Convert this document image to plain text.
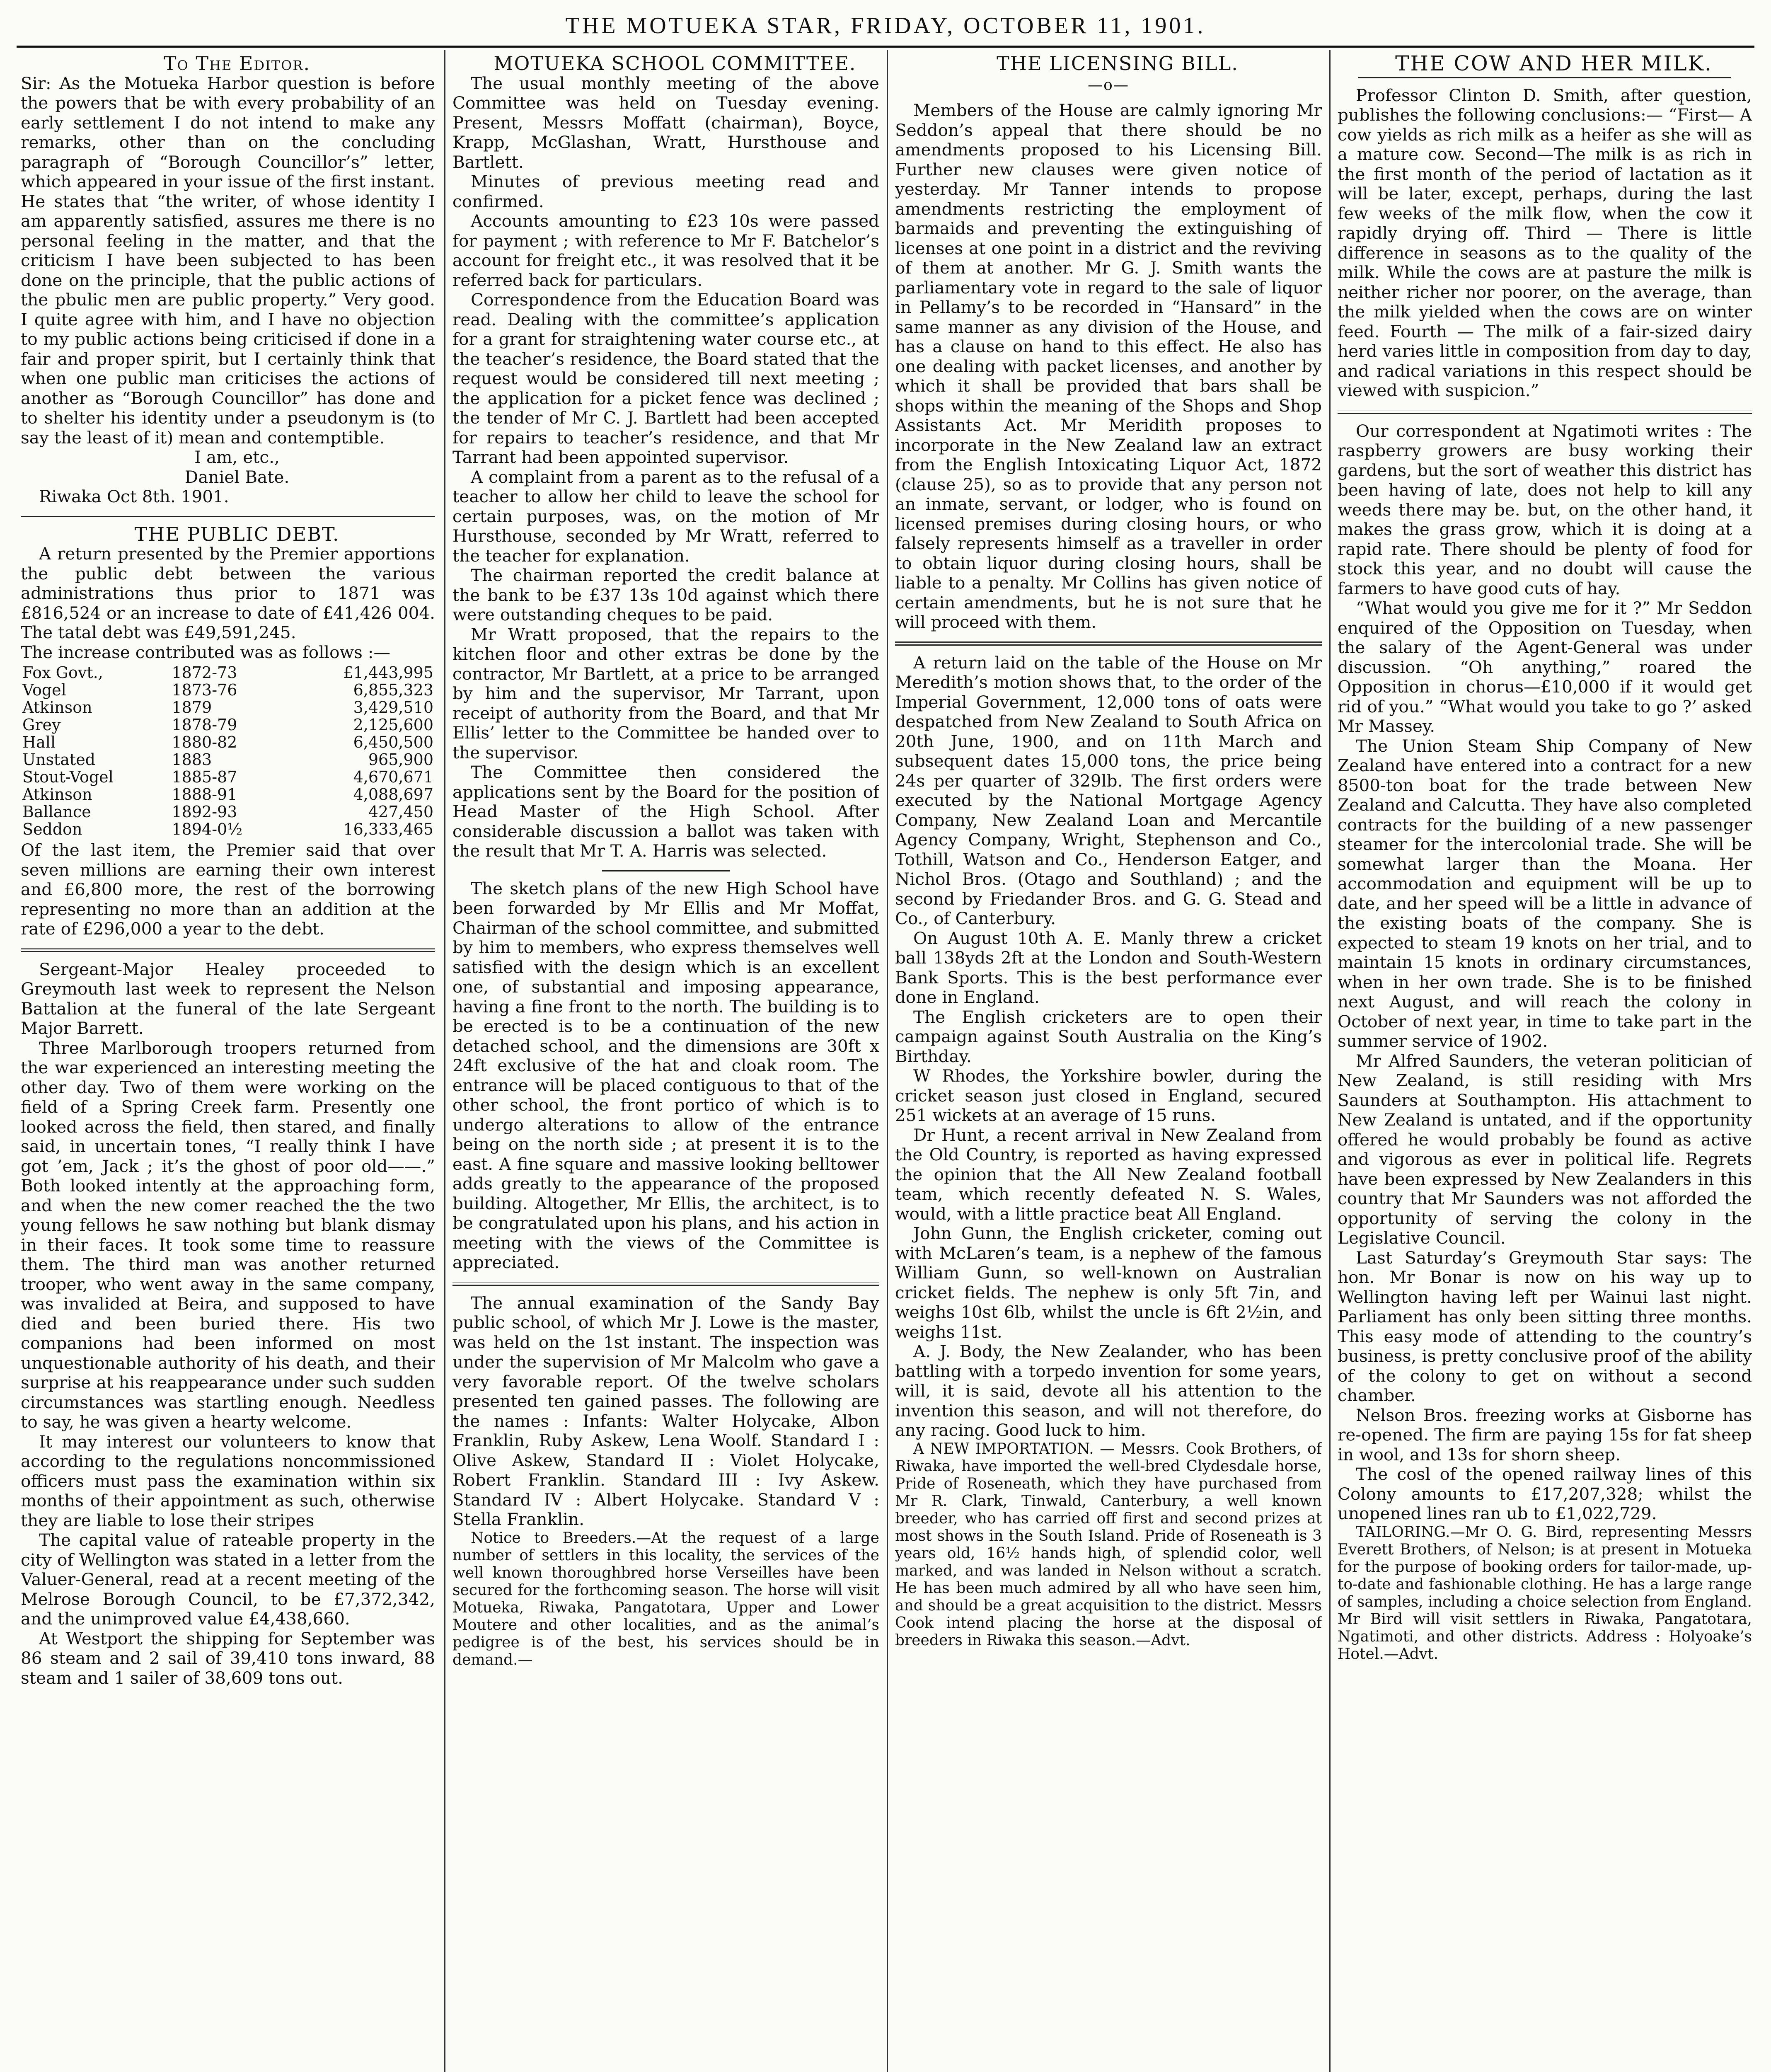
THE MOTUEKA STAR, FRIDAY, OCTOBER 11, 1901.

To The Editor.

Sir: As the Motueka Harbor question is before the powers that be with every probability of an early settlement I do not intend to make any remarks, other than on the concluding paragraph of “Borough Councillor’s” letter, which appeared in your issue of the first instant. He states that “the writer, of whose identity I am apparently satisfied, assures me there is no personal feeling in the matter, and that the criticism I have been subjected to has been done on the principle, that the public actions of the pbulic men are public property.” Very good. I quite agree with him, and I have no objection to my public actions being criticised if done in a fair and proper spirit, but I certainly think that when one public man criticises the actions of another as “Borough Councillor” has done and to shelter his identity under a pseudonym is (to say the least of it) mean and contemptible.

I am, etc.,

Daniel Bate.

Riwaka Oct 8th. 1901.

THE PUBLIC DEBT.

A return presented by the Premier apportions the public debt between the various administrations thus prior to 1871 was £816,524 or an increase to date of £41,426 004. The tatal debt was £49,591,245.

The increase contributed was as follows :—

Fox Govt.,	1872-73	£1,443,995
Vogel	1873-76	6,855,323
Atkinson	1879	3,429,510
Grey	1878-79	2,125,600
Hall	1880-82	6,450,500
Unstated	1883	965,900
Stout-Vogel	1885-87	4,670,671
Atkinson	1888-91	4,088,697
Ballance	1892-93	427,450
Seddon	1894-0½	16,333,465

Of the last item, the Premier said that over seven millions are earning their own interest and £6,800 more, the rest of the borrowing representing no more than an addition at the rate of £296,000 a year to the debt.

Sergeant-Major Healey proceeded to Greymouth last week to represent the Nelson Battalion at the funeral of the late Sergeant Major Barrett.

Three Marlborough troopers returned from the war experienced an interesting meeting the other day. Two of them were working on the field of a Spring Creek farm. Presently one looked across the field, then stared, and finally said, in uncertain tones, “I really think I have got ’em, Jack ; it’s the ghost of poor old——.” Both looked intently at the approaching form, and when the new comer reached the the two young fellows he saw nothing but blank dismay in their faces. It took some time to reassure them. The third man was another returned trooper, who went away in the same company, was invalided at Beira, and supposed to have died and been buried there. His two companions had been informed on most unquestionable authority of his death, and their surprise at his reappearance under such sudden circumstances was startling enough. Needless to say, he was given a hearty welcome.

It may interest our volunteers to know that according to the regulations noncommissioned officers must pass the examination within six months of their appointment as such, otherwise they are liable to lose their stripes

The capital value of rateable property in the city of Wellington was stated in a letter from the Valuer-General, read at a recent meeting of the Melrose Borough Council, to be £7,372,342, and the unimproved value £4,438,660.

At Westport the shipping for September was 86 steam and 2 sail of 39,410 tons inward, 88 steam and 1 sailer of 38,609 tons out.

MOTUEKA SCHOOL COMMITTEE.

The usual monthly meeting of the above Committee was held on Tuesday evening. Present, Messrs Moffatt (chairman), Boyce, Krapp, McGlashan, Wratt, Hursthouse and Bartlett.

Minutes of previous meeting read and confirmed.

Accounts amounting to £23 10s were passed for payment ; with reference to Mr F. Batchelor’s account for freight etc., it was resolved that it be referred back for particulars.

Correspondence from the Education Board was read. Dealing with the committee’s application for a grant for straightening water course etc., at the teacher’s residence, the Board stated that the request would be considered till next meeting ; the application for a picket fence was declined ; the tender of Mr C. J. Bartlett had been accepted for repairs to teacher’s residence, and that Mr Tarrant had been appointed supervisor.

A complaint from a parent as to the refusal of a teacher to allow her child to leave the school for certain purposes, was, on the motion of Mr Hursthouse, seconded by Mr Wratt, referred to the teacher for explanation.

The chairman reported the credit balance at the bank to be £37 13s 10d against which there were outstanding cheques to be paid.

Mr Wratt proposed, that the repairs to the kitchen floor and other extras be done by the contractor, Mr Bartlett, at a price to be arranged by him and the supervisor, Mr Tarrant, upon receipt of authority from the Board, and that Mr Ellis’ letter to the Committee be handed over to the supervisor.

The Committee then considered the applications sent by the Board for the position of Head Master of the High School. After considerable discussion a ballot was taken with the result that Mr T. A. Harris was selected.

The sketch plans of the new High School have been forwarded by Mr Ellis and Mr Moffat, Chairman of the school committee, and submitted by him to members, who express themselves well satisfied with the design which is an excellent one, of substantial and imposing appearance, having a fine front to the north. The building is to be erected is to be a continuation of the new detached school, and the dimensions are 30ft x 24ft exclusive of the hat and cloak room. The entrance will be placed contiguous to that of the other school, the front portico of which is to undergo alterations to allow of the entrance being on the north side ; at present it is to the east. A fine square and massive looking belltower adds greatly to the appearance of the proposed building. Altogether, Mr Ellis, the architect, is to be congratulated upon his plans, and his action in meeting with the views of the Committee is appreciated.

The annual examination of the Sandy Bay public school, of which Mr J. Lowe is the master, was held on the 1st instant. The inspection was under the supervision of Mr Malcolm who gave a very favorable report. Of the twelve scholars presented ten gained passes. The following are the names : Infants: Walter Holycake, Albon Franklin, Ruby Askew, Lena Woolf. Standard I : Olive Askew, Standard II : Violet Holycake, Robert Franklin. Standard III : Ivy Askew. Standard IV : Albert Holycake. Standard V : Stella Franklin.

Notice to Breeders.—At the request of a large number of settlers in this locality, the services of the well known thoroughbred horse Verseilles have been secured for the forthcoming season. The horse will visit Motueka, Riwaka, Pangatotara, Upper and Lower Moutere and other localities, and as the animal’s pedigree is of the best, his services should be in demand.—

THE LICENSING BILL.

—o—

Members of the House are calmly ignoring Mr Seddon’s appeal that there should be no amendments proposed to his Licensing Bill. Further new clauses were given notice of yesterday. Mr Tanner intends to propose amendments restricting the employment of barmaids and preventing the extinguishing of licenses at one point in a district and the reviving of them at another. Mr G. J. Smith wants the parliamentary vote in regard to the sale of liquor in Pellamy’s to be recorded in “Hansard” in the same manner as any division of the House, and has a clause on hand to this effect. He also has one dealing with packet licenses, and another by which it shall be provided that bars shall be shops within the meaning of the Shops and Shop Assistants Act. Mr Meridith proposes to incorporate in the New Zealand law an extract from the English Intoxicating Liquor Act, 1872 (clause 25), so as to provide that any person not an inmate, servant, or lodger, who is found on licensed premises during closing hours, or who falsely represents himself as a traveller in order to obtain liquor during closing hours, shall be liable to a penalty. Mr Collins has given notice of certain amendments, but he is not sure that he will proceed with them.

A return laid on the table of the House on Mr Meredith’s motion shows that, to the order of the Imperial Government, 12,000 tons of oats were despatched from New Zealand to South Africa on 20th June, 1900, and on 11th March and subsequent dates 15,000 tons, the price being 24s per quarter of 329lb. The first orders were executed by the National Mortgage Agency Company, New Zealand Loan and Mercantile Agency Company, Wright, Stephenson and Co., Tothill, Watson and Co., Henderson Eatger, and Nichol Bros. (Otago and Southland) ; and the second by Friedander Bros. and G. G. Stead and Co., of Canterbury.

On August 10th A. E. Manly threw a cricket ball 138yds 2ft at the London and South-Western Bank Sports. This is the best performance ever done in England.

The English cricketers are to open their campaign against South Australia on the King’s Birthday.

W Rhodes, the Yorkshire bowler, during the cricket season just closed in England, secured 251 wickets at an average of 15 runs.

Dr Hunt, a recent arrival in New Zealand from the Old Country, is reported as having expressed the opinion that the All New Zealand football team, which recently defeated N. S. Wales, would, with a little practice beat All England.

John Gunn, the English cricketer, coming out with McLaren’s team, is a nephew of the famous William Gunn, so well-known on Australian cricket fields. The nephew is only 5ft 7in, and weighs 10st 6lb, whilst the uncle is 6ft 2½in, and weighs 11st.

A. J. Body, the New Zealander, who has been battling with a torpedo invention for some years, will, it is said, devote all his attention to the invention this season, and will not therefore, do any racing. Good luck to him.

A NEW IMPORTATION. — Messrs. Cook Brothers, of Riwaka, have imported the well-bred Clydesdale horse, Pride of Roseneath, which they have purchased from Mr R. Clark, Tinwald, Canterbury, a well known breeder, who has carried off first and second prizes at most shows in the South Island. Pride of Roseneath is 3 years old, 16½ hands high, of splendid color, well marked, and was landed in Nelson without a scratch. He has been much admired by all who have seen him, and should be a great acquisition to the district. Messrs Cook intend placing the horse at the disposal of breeders in Riwaka this season.—Advt.

THE COW AND HER MILK.

Professor Clinton D. Smith, after question, publishes the following conclusions:— “First— A cow yields as rich milk as a heifer as she will as a mature cow. Second—The milk is as rich in the first month of the period of lactation as it will be later, except, perhaps, during the last few weeks of the milk flow, when the cow it rapidly drying off. Third — There is little difference in seasons as to the quality of the milk. While the cows are at pasture the milk is neither richer nor poorer, on the average, than the milk yielded when the cows are on winter feed. Fourth — The milk of a fair-sized dairy herd varies little in composition from day to day, and radical variations in this respect should be viewed with suspicion.”

Our correspondent at Ngatimoti writes : The raspberry growers are busy working their gardens, but the sort of weather this district has been having of late, does not help to kill any weeds there may be. but, on the other hand, it makes the grass grow, which it is doing at a rapid rate. There should be plenty of food for stock this year, and no doubt will cause the farmers to have good cuts of hay.

“What would you give me for it ?” Mr Seddon enquired of the Opposition on Tuesday, when the salary of the Agent-General was under discussion. “Oh anything,” roared the Opposition in chorus—£10,000 if it would get rid of you.” “What would you take to go ?’ asked Mr Massey.

The Union Steam Ship Company of New Zealand have entered into a contract for a new 8500-ton boat for the trade between New Zealand and Calcutta. They have also completed contracts for the building of a new passenger steamer for the intercolonial trade. She will be somewhat larger than the Moana. Her accommodation and equipment will be up to date, and her speed will be a little in advance of the existing boats of the company. She is expected to steam 19 knots on her trial, and to maintain 15 knots in ordinary circumstances, when in her own trade. She is to be finished next August, and will reach the colony in October of next year, in time to take part in the summer service of 1902.

Mr Alfred Saunders, the veteran politician of New Zealand, is still residing with Mrs Saunders at Southampton. His attachment to New Zealand is untated, and if the opportunity offered he would probably be found as active and vigorous as ever in political life. Regrets have been expressed by New Zealanders in this country that Mr Saunders was not afforded the opportunity of serving the colony in the Legislative Council.

Last Saturday’s Greymouth Star says: The hon. Mr Bonar is now on his way up to Wellington having left per Wainui last night. Parliament has only been sitting three months. This easy mode of attending to the country’s business, is pretty conclusive proof of the ability of the colony to get on without a second chamber.

Nelson Bros. freezing works at Gisborne has re-opened. The firm are paying 15s for fat sheep in wool, and 13s for shorn sheep.

The cosl of the opened railway lines of this Colony amounts to £17,207,328; whilst the unopened lines ran ub to £1,022,729.

TAILORING.—Mr O. G. Bird, representing Messrs Everett Brothers, of Nelson; is at present in Motueka for the purpose of booking orders for tailor-made, up-to-date and fashionable clothing. He has a large range of samples, including a choice selection from England. Mr Bird will visit settlers in Riwaka, Pangatotara, Ngatimoti, and other districts. Address : Holyoake’s Hotel.—Advt.
